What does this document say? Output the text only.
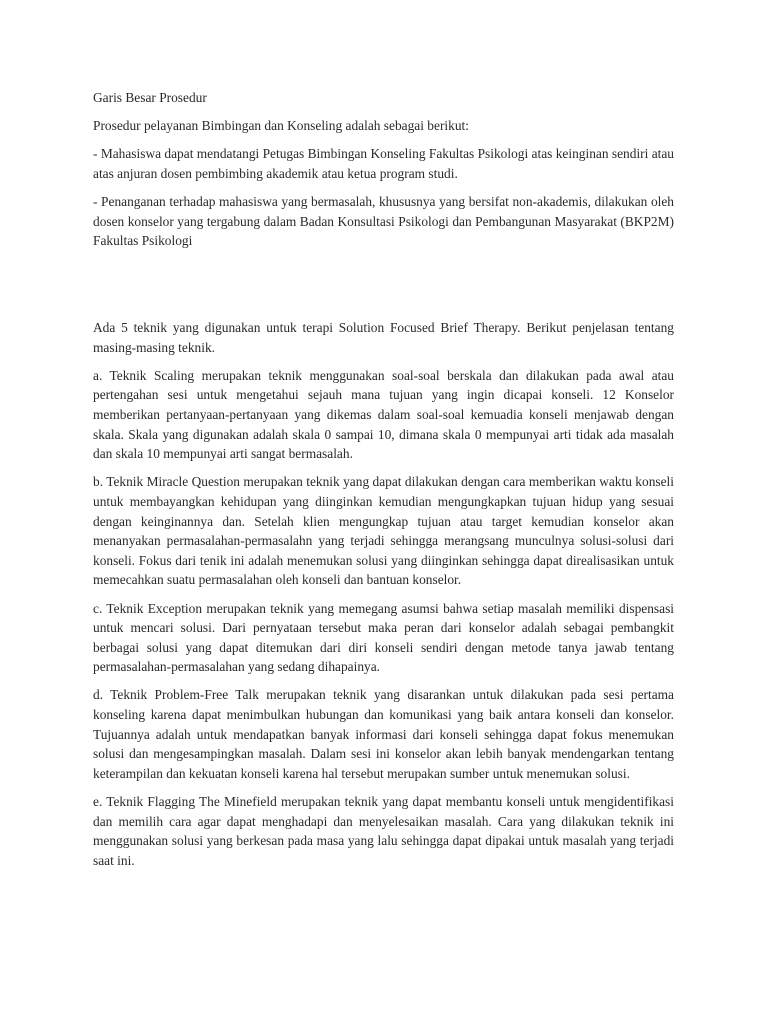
Garis Besar Prosedur

Prosedur pelayanan Bimbingan dan Konseling adalah sebagai berikut:

- Mahasiswa dapat mendatangi Petugas Bimbingan Konseling Fakultas Psikologi atas keinginan sendiri atau atas anjuran dosen pembimbing akademik atau ketua program studi.

- Penanganan terhadap mahasiswa yang bermasalah, khususnya yang bersifat non-akademis, dilakukan oleh dosen konselor yang tergabung dalam Badan Konsultasi Psikologi dan Pembangunan Masyarakat (BKP2M) Fakultas Psikologi

Ada 5 teknik yang digunakan untuk terapi Solution Focused Brief Therapy. Berikut penjelasan tentang masing-masing teknik.

a. Teknik Scaling merupakan teknik menggunakan soal-soal berskala dan dilakukan pada awal atau pertengahan sesi untuk mengetahui sejauh mana tujuan yang ingin dicapai konseli. 12 Konselor memberikan pertanyaan-pertanyaan yang dikemas dalam soal-soal kemuadia konseli menjawab dengan skala. Skala yang digunakan adalah skala 0 sampai 10, dimana skala 0 mempunyai arti tidak ada masalah dan skala 10 mempunyai arti sangat bermasalah.

b. Teknik Miracle Question merupakan teknik yang dapat dilakukan dengan cara memberikan waktu konseli untuk membayangkan kehidupan yang diinginkan kemudian mengungkapkan tujuan hidup yang sesuai dengan keinginannya dan. Setelah klien mengungkap tujuan atau target kemudian konselor akan menanyakan permasalahan-permasalahn yang terjadi sehingga merangsang munculnya solusi-solusi dari konseli. Fokus dari tenik ini adalah menemukan solusi yang diinginkan sehingga dapat direalisasikan untuk memecahkan suatu permasalahan oleh konseli dan bantuan konselor.

c. Teknik Exception merupakan teknik yang memegang asumsi bahwa setiap masalah memiliki dispensasi untuk mencari solusi. Dari pernyataan tersebut maka peran dari konselor adalah sebagai pembangkit berbagai solusi yang dapat ditemukan dari diri konseli sendiri dengan metode tanya jawab tentang permasalahan-permasalahan yang sedang dihapainya.

d. Teknik Problem-Free Talk merupakan teknik yang disarankan untuk dilakukan pada sesi pertama konseling karena dapat menimbulkan hubungan dan komunikasi yang baik antara konseli dan konselor. Tujuannya adalah untuk mendapatkan banyak informasi dari konseli sehingga dapat fokus menemukan solusi dan mengesampingkan masalah. Dalam sesi ini konselor akan lebih banyak mendengarkan tentang keterampilan dan kekuatan konseli karena hal tersebut merupakan sumber untuk menemukan solusi.

e. Teknik Flagging The Minefield merupakan teknik yang dapat membantu konseli untuk mengidentifikasi dan memilih cara agar dapat menghadapi dan menyelesaikan masalah. Cara yang dilakukan teknik ini menggunakan solusi yang berkesan pada masa yang lalu sehingga dapat dipakai untuk masalah yang terjadi saat ini.
